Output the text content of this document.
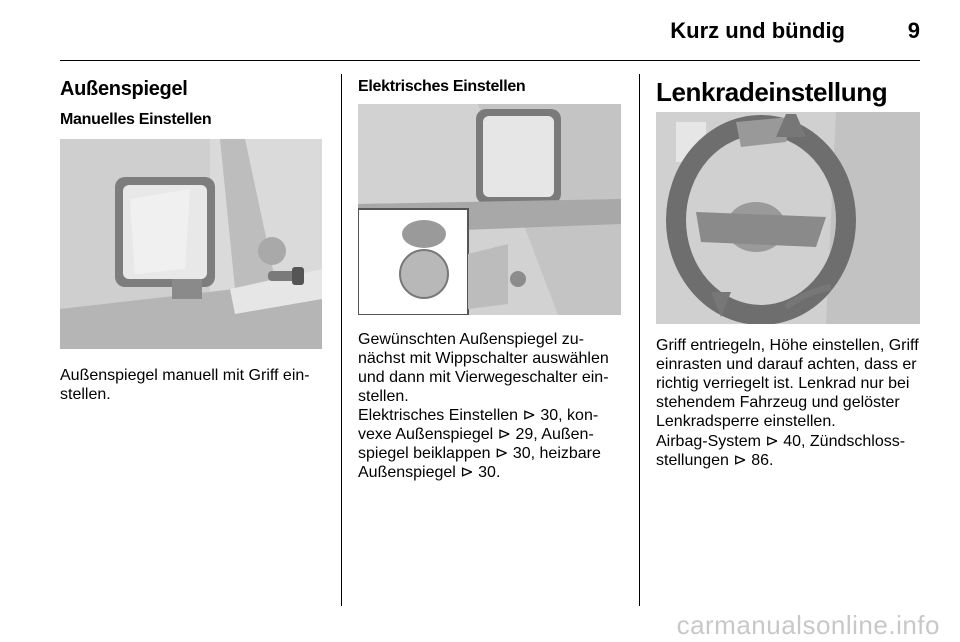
Kurz und bündig	9
Außenspiegel
Manuelles Einstellen

Außenspiegel manuell mit Griff ein-stellen.

Elektrisches Einstellen

Gewünschten Außenspiegel zu-nächst mit Wippschalter auswählen und dann mit Vierwegeschalter ein-stellen.

Elektrisches Einstellen ⊳ 30, kon-vexe Außenspiegel ⊳ 29, Außen-spiegel beiklappen ⊳ 30, heizbare Außenspiegel ⊳ 30.

Lenkradeinstellung

Griff entriegeln, Höhe einstellen, Griff einrasten und darauf achten, dass er richtig verriegelt ist. Lenkrad nur bei stehendem Fahrzeug und gelöster Lenkradsperre einstellen.

Airbag-System ⊳ 40, Zündschloss-stellungen ⊳ 86.

carmanualsonline.info
